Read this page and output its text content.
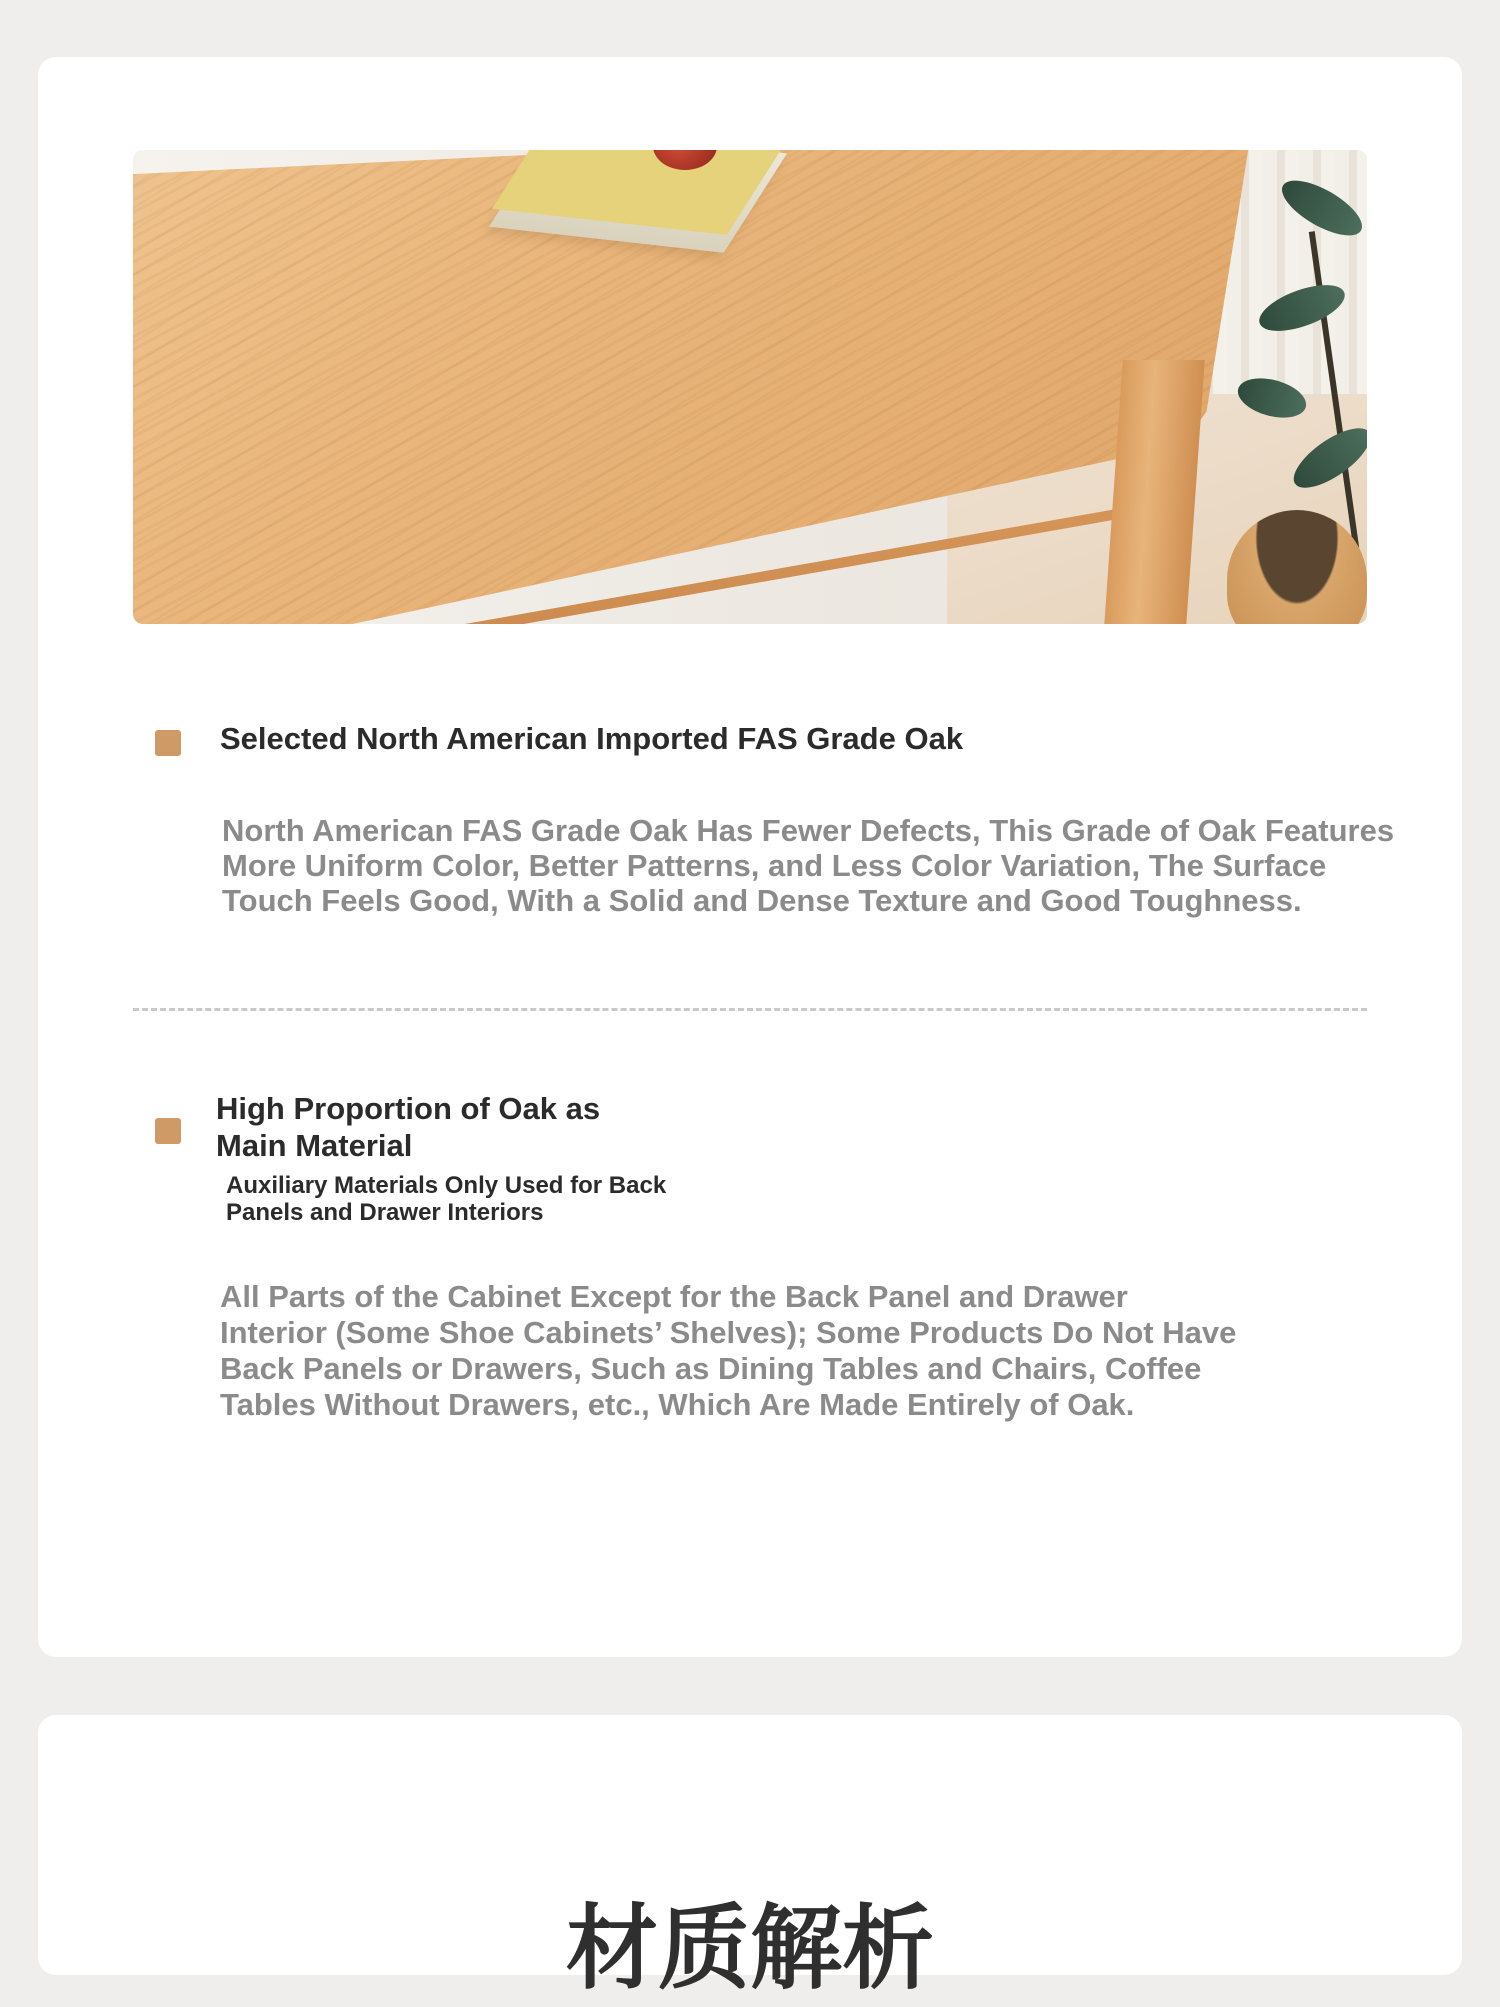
Selected North American Imported FAS Grade Oak
North American FAS Grade Oak Has Fewer Defects, This Grade of Oak Features
More Uniform Color, Better Patterns, and Less Color Variation, The Surface
Touch Feels Good, With a Solid and Dense Texture and Good Toughness.
High Proportion of Oak as
Main Material
Auxiliary Materials Only Used for Back
Panels and Drawer Interiors
All Parts of the Cabinet Except for the Back Panel and Drawer
Interior (Some Shoe Cabinets’ Shelves); Some Products Do Not Have
Back Panels or Drawers, Such as Dining Tables and Chairs, Coffee
Tables Without Drawers, etc., Which Are Made Entirely of Oak.
材质解析
